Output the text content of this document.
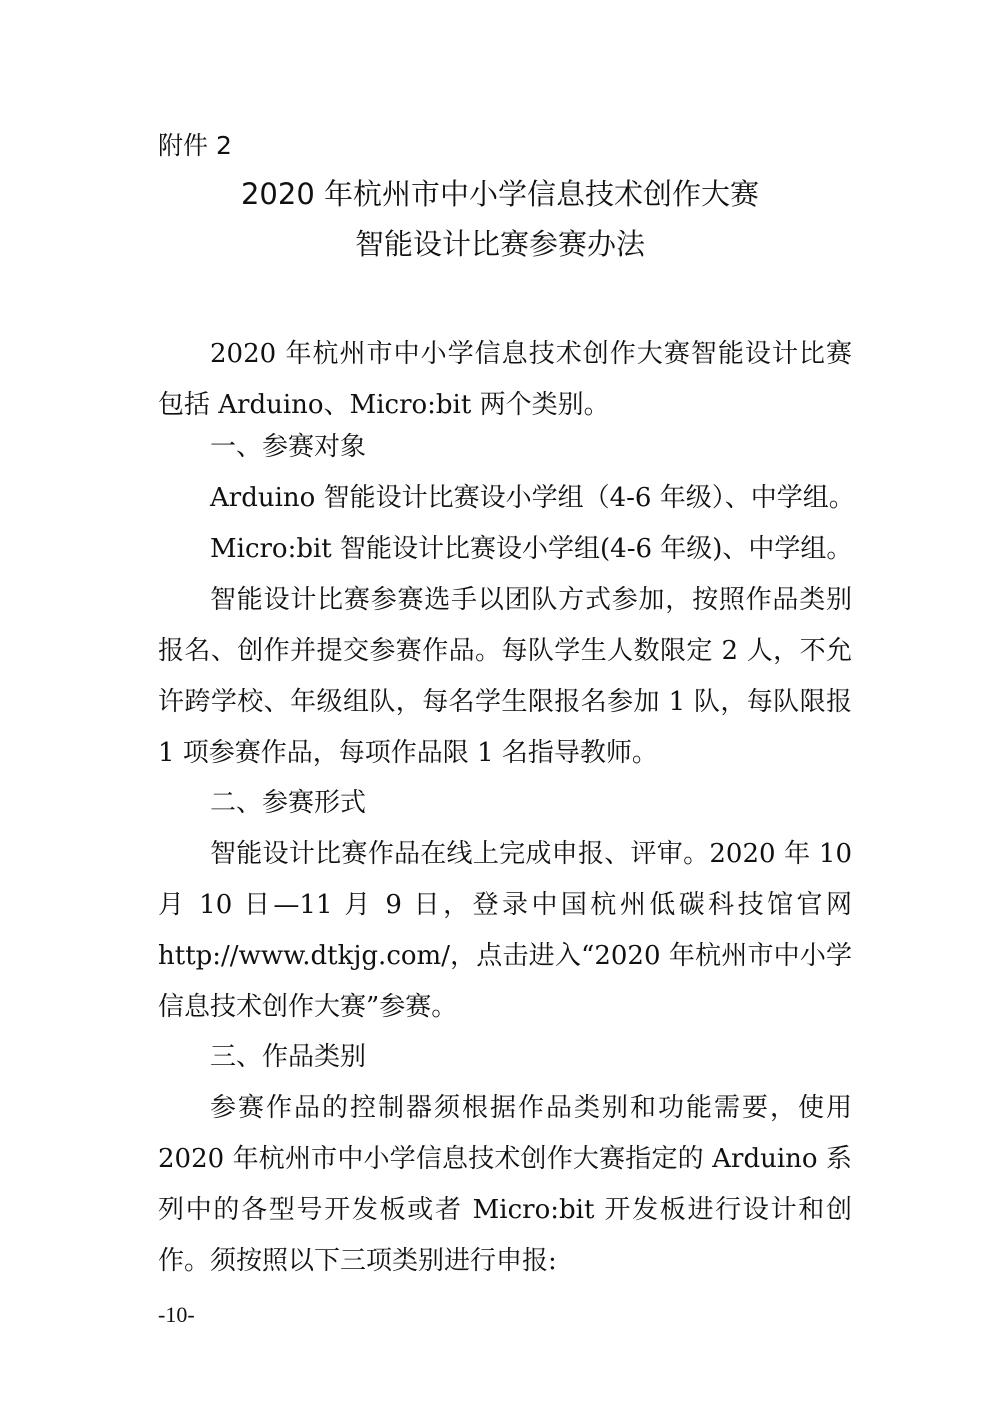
附件 2
2020 年杭州市中小学信息技术创作大赛
智能设计比赛参赛办法
2020 年杭州市中小学信息技术创作大赛智能设计比赛包括 Arduino、Micro:bit 两个类别。
一、参赛对象
Arduino 智能设计比赛设小学组（4-6 年级）、中学组。
Micro:bit 智能设计比赛设小学组(4-6 年级)、中学组。
智能设计比赛参赛选手以团队方式参加，按照作品类别报名、创作并提交参赛作品。每队学生人数限定 2 人，不允许跨学校、年级组队，每名学生限报名参加 1 队，每队限报 1 项参赛作品，每项作品限 1 名指导教师。
二、参赛形式
智能设计比赛作品在线上完成申报、评审。2020 年 10 月 10 日—11 月 9 日，登录中国杭州低碳科技馆官网 http://www.dtkjg.com/，点击进入“2020 年杭州市中小学信息技术创作大赛”参赛。
三、作品类别
参赛作品的控制器须根据作品类别和功能需要，使用 2020 年杭州市中小学信息技术创作大赛指定的 Arduino 系列中的各型号开发板或者 Micro:bit 开发板进行设计和创作。须按照以下三项类别进行申报:
-10-
